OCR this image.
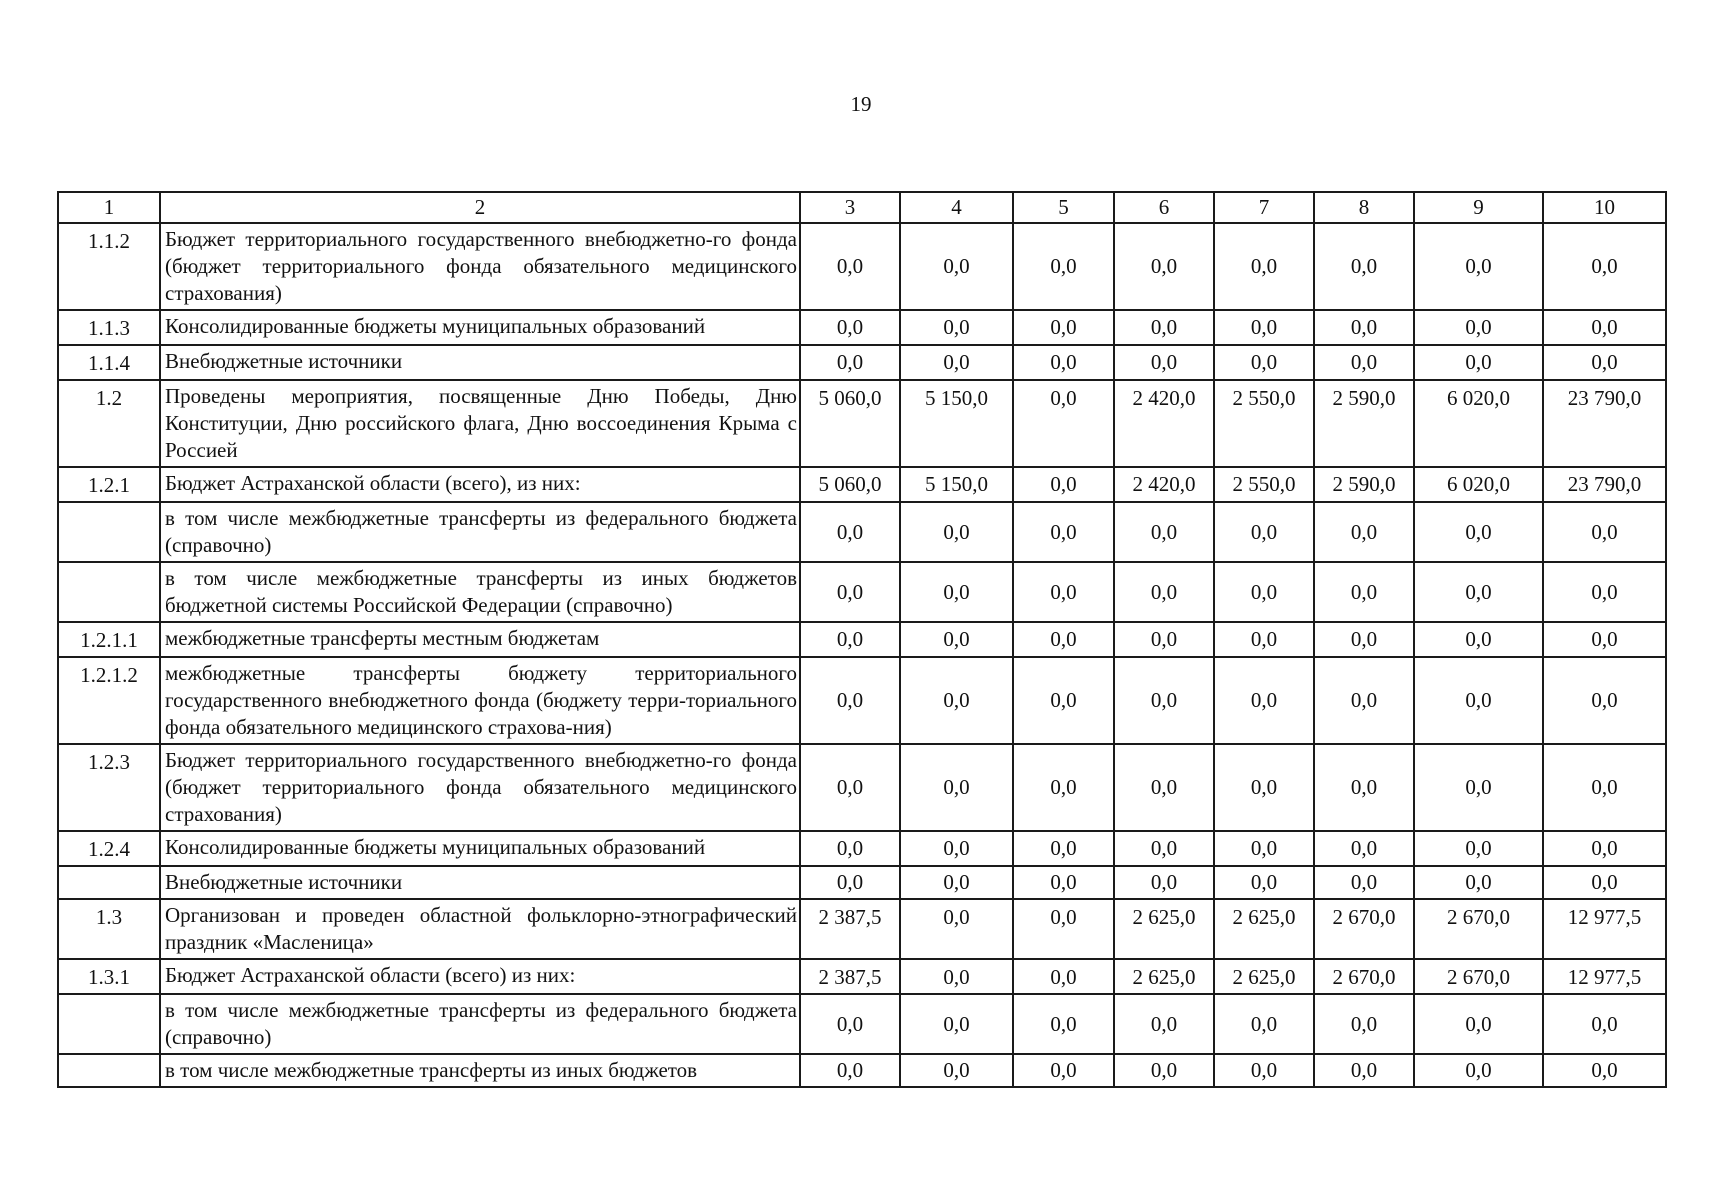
19
1	2	3	4	5	6	7	8	9	10
1.1.2	Бюджет территориального государственного внебюджетно-го фонда (бюджет территориального фонда обязательного медицинского страхования)	0,0	0,0	0,0	0,0	0,0	0,0	0,0	0,0
1.1.3	Консолидированные бюджеты муниципальных образований	0,0	0,0	0,0	0,0	0,0	0,0	0,0	0,0
1.1.4	Внебюджетные источники	0,0	0,0	0,0	0,0	0,0	0,0	0,0	0,0
1.2	Проведены мероприятия, посвященные Дню Победы, Дню Конституции, Дню российского флага, Дню воссоединения Крыма с Россией	5 060,0	5 150,0	0,0	2 420,0	2 550,0	2 590,0	6 020,0	23 790,0
1.2.1	Бюджет Астраханской области (всего), из них:	5 060,0	5 150,0	0,0	2 420,0	2 550,0	2 590,0	6 020,0	23 790,0
	в том числе межбюджетные трансферты из федерального бюджета (справочно)	0,0	0,0	0,0	0,0	0,0	0,0	0,0	0,0
	в том числе межбюджетные трансферты из иных бюджетов бюджетной системы Российской Федерации (справочно)	0,0	0,0	0,0	0,0	0,0	0,0	0,0	0,0
1.2.1.1	межбюджетные трансферты местным бюджетам	0,0	0,0	0,0	0,0	0,0	0,0	0,0	0,0
1.2.1.2	межбюджетные трансферты бюджету территориального государственного внебюджетного фонда (бюджету терри-ториального фонда обязательного медицинского страхова-ния)	0,0	0,0	0,0	0,0	0,0	0,0	0,0	0,0
1.2.3	Бюджет территориального государственного внебюджетно-го фонда (бюджет территориального фонда обязательного медицинского страхования)	0,0	0,0	0,0	0,0	0,0	0,0	0,0	0,0
1.2.4	Консолидированные бюджеты муниципальных образований	0,0	0,0	0,0	0,0	0,0	0,0	0,0	0,0
	Внебюджетные источники	0,0	0,0	0,0	0,0	0,0	0,0	0,0	0,0
1.3	Организован и проведен областной фольклорно-этнографический праздник «Масленица»	2 387,5	0,0	0,0	2 625,0	2 625,0	2 670,0	2 670,0	12 977,5
1.3.1	Бюджет Астраханской области (всего) из них:	2 387,5	0,0	0,0	2 625,0	2 625,0	2 670,0	2 670,0	12 977,5
	в том числе межбюджетные трансферты из федерального бюджета (справочно)	0,0	0,0	0,0	0,0	0,0	0,0	0,0	0,0
	в том числе межбюджетные трансферты из иных бюджетов	0,0	0,0	0,0	0,0	0,0	0,0	0,0	0,0
